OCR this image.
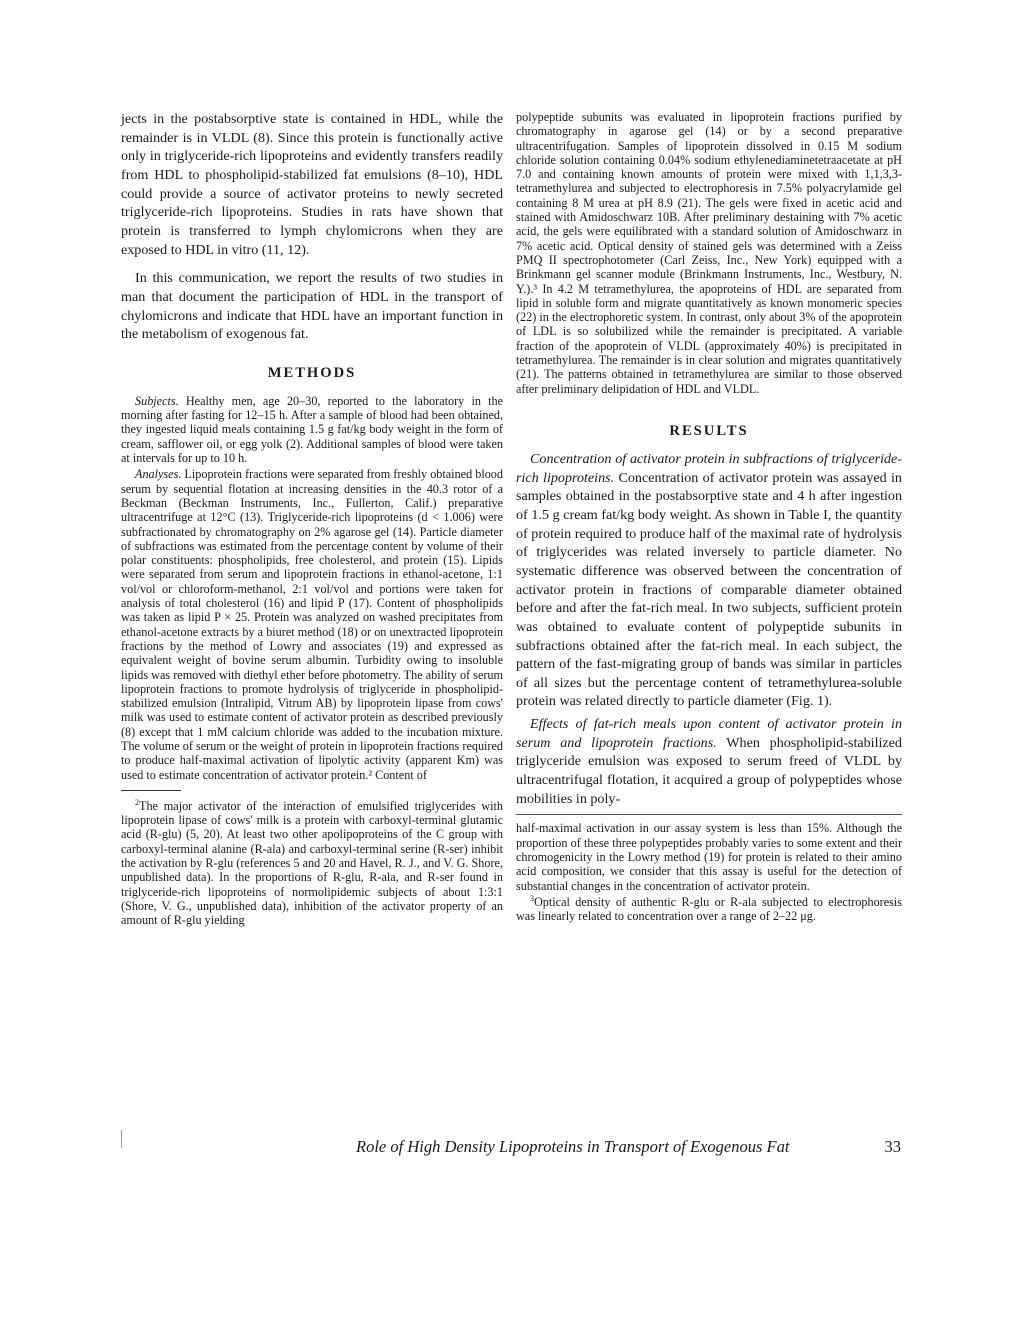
jects in the postabsorptive state is contained in HDL, while the remainder is in VLDL (8). Since this protein is functionally active only in triglyceride-rich lipoproteins and evidently transfers readily from HDL to phospholipid-stabilized fat emulsions (8–10), HDL could provide a source of activator proteins to newly secreted triglyceride-rich lipoproteins. Studies in rats have shown that protein is transferred to lymph chylomicrons when they are exposed to HDL in vitro (11, 12).

In this communication, we report the results of two studies in man that document the participation of HDL in the transport of chylomicrons and indicate that HDL have an important function in the metabolism of exogenous fat.

METHODS

Subjects. Healthy men, age 20–30, reported to the laboratory in the morning after fasting for 12–15 h. After a sample of blood had been obtained, they ingested liquid meals containing 1.5 g fat/kg body weight in the form of cream, safflower oil, or egg yolk (2). Additional samples of blood were taken at intervals for up to 10 h.

Analyses. Lipoprotein fractions were separated from freshly obtained blood serum by sequential flotation at increasing densities in the 40.3 rotor of a Beckman (Beckman Instruments, Inc., Fullerton, Calif.) preparative ultracentrifuge at 12°C (13). Triglyceride-rich lipoproteins (d < 1.006) were subfractionated by chromatography on 2% agarose gel (14). Particle diameter of subfractions was estimated from the percentage content by volume of their polar constituents: phospholipids, free cholesterol, and protein (15). Lipids were separated from serum and lipoprotein fractions in ethanol-acetone, 1:1 vol/vol or chloroform-methanol, 2:1 vol/vol and portions were taken for analysis of total cholesterol (16) and lipid P (17). Content of phospholipids was taken as lipid P × 25. Protein was analyzed on washed precipitates from ethanol-acetone extracts by a biuret method (18) or on unextracted lipoprotein fractions by the method of Lowry and associates (19) and expressed as equivalent weight of bovine serum albumin. Turbidity owing to insoluble lipids was removed with diethyl ether before photometry. The ability of serum lipoprotein fractions to promote hydrolysis of triglyceride in phospholipid-stabilized emulsion (Intralipid, Vitrum AB) by lipoprotein lipase from cows' milk was used to estimate content of activator protein as described previously (8) except that 1 mM calcium chloride was added to the incubation mixture. The volume of serum or the weight of protein in lipoprotein fractions required to produce half-maximal activation of lipolytic activity (apparent Km) was used to estimate concentration of activator protein.² Content of

$^2$The major activator of the interaction of emulsified triglycerides with lipoprotein lipase of cows' milk is a protein with carboxyl-terminal glutamic acid (R-glu) (5, 20). At least two other apolipoproteins of the C group with carboxyl-terminal alanine (R-ala) and carboxyl-terminal serine (R-ser) inhibit the activation by R-glu (references 5 and 20 and Havel, R. J., and V. G. Shore, unpublished data). In the proportions of R-glu, R-ala, and R-ser found in triglyceride-rich lipoproteins of normolipidemic subjects of about 1:3:1 (Shore, V. G., unpublished data), inhibition of the activator property of an amount of R-glu yielding

polypeptide subunits was evaluated in lipoprotein fractions purified by chromatography in agarose gel (14) or by a second preparative ultracentrifugation. Samples of lipoprotein dissolved in 0.15 M sodium chloride solution containing 0.04% sodium ethylenediaminetetraacetate at pH 7.0 and containing known amounts of protein were mixed with 1,1,3,3-tetramethylurea and subjected to electrophoresis in 7.5% polyacrylamide gel containing 8 M urea at pH 8.9 (21). The gels were fixed in acetic acid and stained with Amidoschwarz 10B. After preliminary destaining with 7% acetic acid, the gels were equilibrated with a standard solution of Amidoschwarz in 7% acetic acid. Optical density of stained gels was determined with a Zeiss PMQ II spectrophotometer (Carl Zeiss, Inc., New York) equipped with a Brinkmann gel scanner module (Brinkmann Instruments, Inc., Westbury, N. Y.).³ In 4.2 M tetramethylurea, the apoproteins of HDL are separated from lipid in soluble form and migrate quantitatively as known monomeric species (22) in the electrophoretic system. In contrast, only about 3% of the apoprotein of LDL is so solubilized while the remainder is precipitated. A variable fraction of the apoprotein of VLDL (approximately 40%) is precipitated in tetramethylurea. The remainder is in clear solution and migrates quantitatively (21). The patterns obtained in tetramethylurea are similar to those observed after preliminary delipidation of HDL and VLDL.

RESULTS

Concentration of activator protein in subfractions of triglyceride-rich lipoproteins. Concentration of activator protein was assayed in samples obtained in the postabsorptive state and 4 h after ingestion of 1.5 g cream fat/kg body weight. As shown in Table I, the quantity of protein required to produce half of the maximal rate of hydrolysis of triglycerides was related inversely to particle diameter. No systematic difference was observed between the concentration of activator protein in fractions of comparable diameter obtained before and after the fat-rich meal. In two subjects, sufficient protein was obtained to evaluate content of polypeptide subunits in subfractions obtained after the fat-rich meal. In each subject, the pattern of the fast-migrating group of bands was similar in particles of all sizes but the percentage content of tetramethylurea-soluble protein was related directly to particle diameter (Fig. 1).

Effects of fat-rich meals upon content of activator protein in serum and lipoprotein fractions. When phospholipid-stabilized triglyceride emulsion was exposed to serum freed of VLDL by ultracentrifugal flotation, it acquired a group of polypeptides whose mobilities in poly-

half-maximal activation in our assay system is less than 15%. Although the proportion of these three polypeptides probably varies to some extent and their chromogenicity in the Lowry method (19) for protein is related to their amino acid composition, we consider that this assay is useful for the detection of substantial changes in the concentration of activator protein.

$^3$Optical density of authentic R-glu or R-ala subjected to electrophoresis was linearly related to concentration over a range of 2–22 μg.

Role of High Density Lipoproteins in Transport of Exogenous Fat	33
